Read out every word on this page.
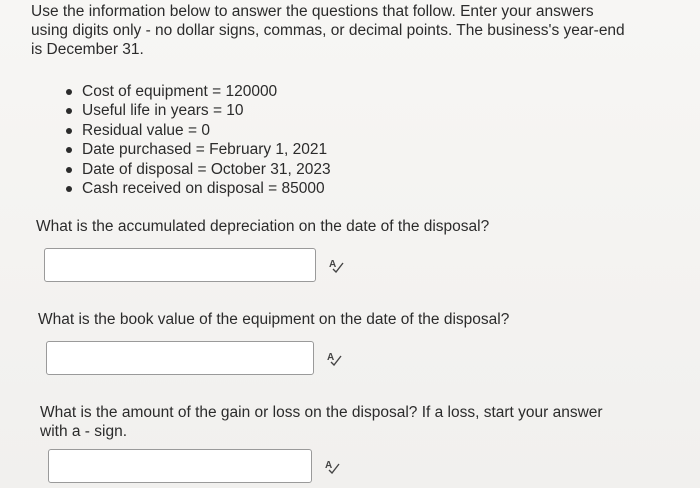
Use the information below to answer the questions that follow. Enter your answers
using digits only - no dollar signs, commas, or decimal points. The business's year-end
is December 31.

Cost of equipment = 120000
Useful life in years = 10
Residual value = 0
Date purchased = February 1, 2021
Date of disposal = October 31, 2023
Cash received on disposal = 85000

What is the accumulated depreciation on the date of the disposal?

A

What is the book value of the equipment on the date of the disposal?

A

What is the amount of the gain or loss on the disposal? If a loss, start your answer
with a - sign.

A
